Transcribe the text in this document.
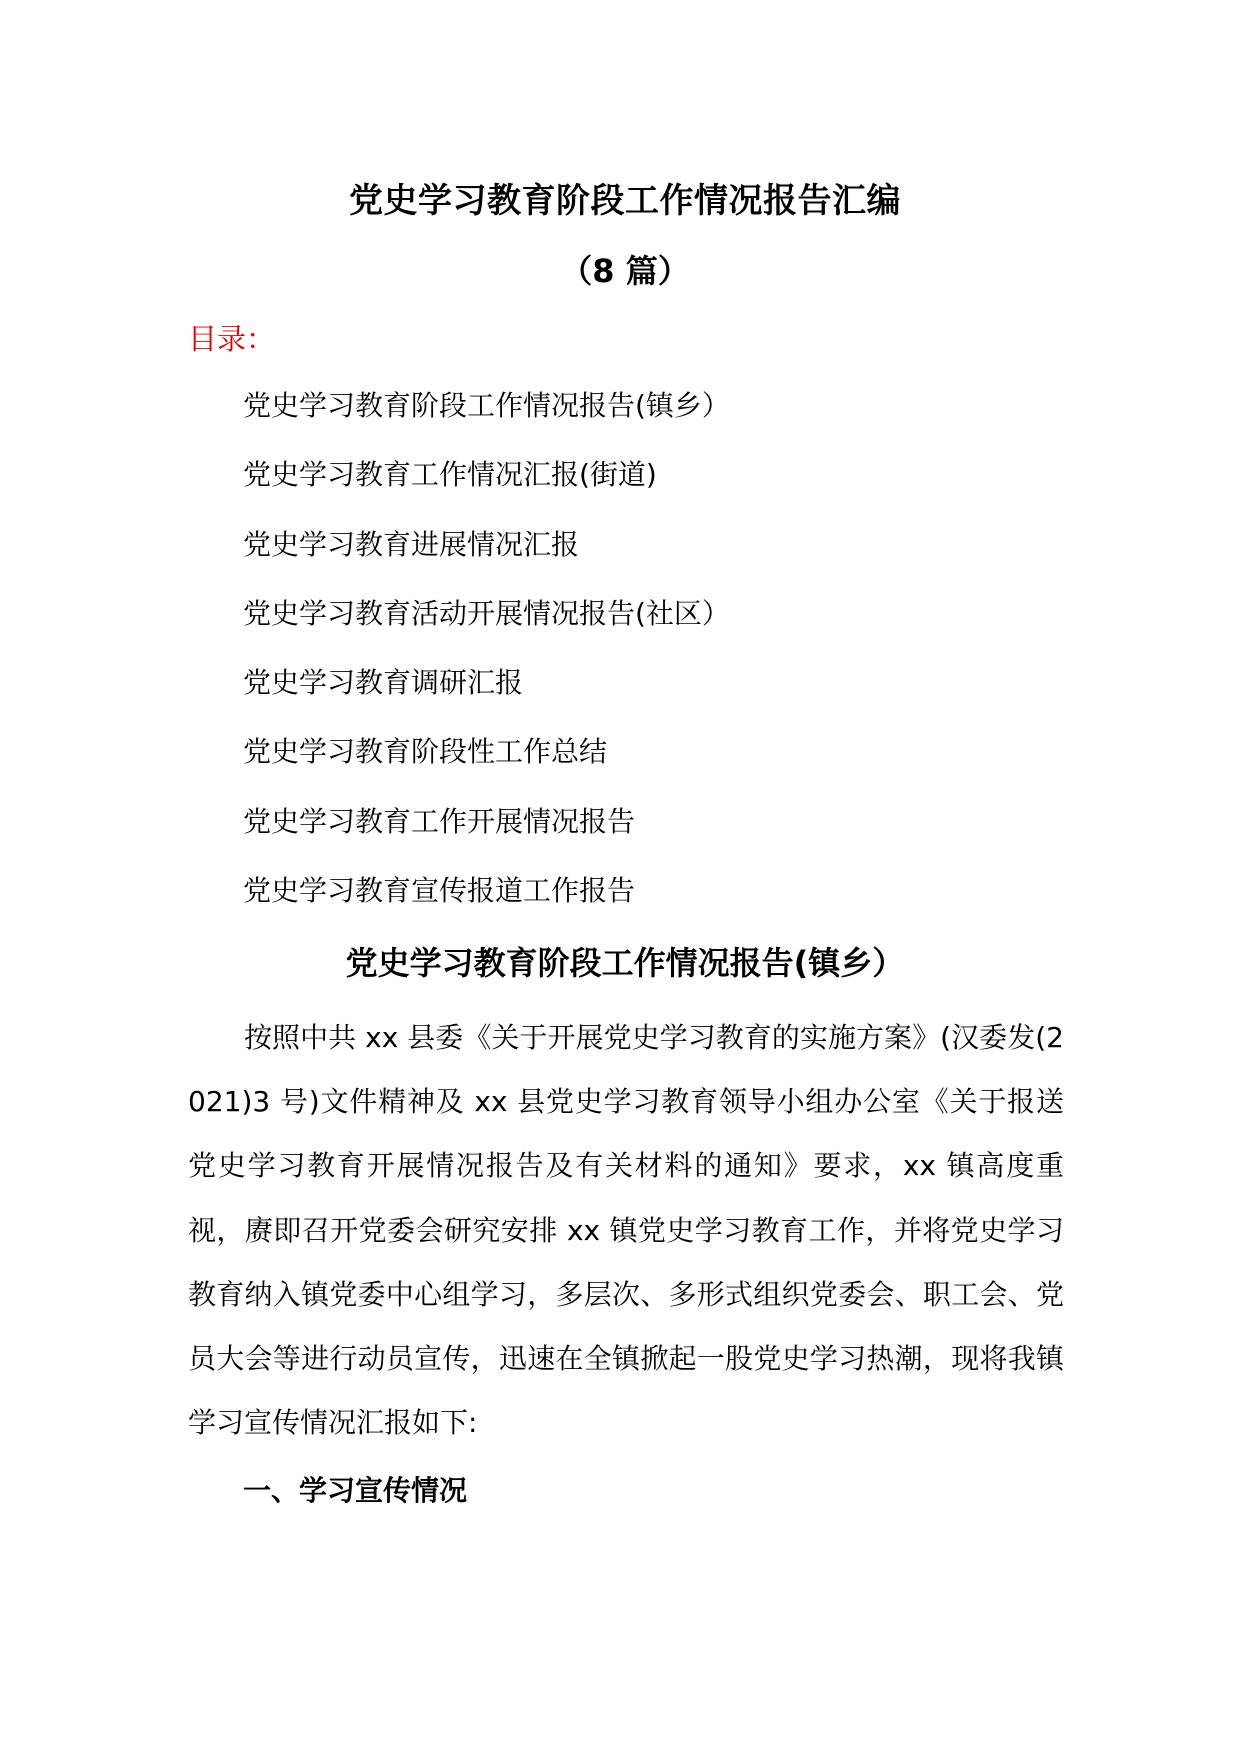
党史学习教育阶段工作情况报告汇编
（8 篇）
目录：
党史学习教育阶段工作情况报告(镇乡）
党史学习教育工作情况汇报(街道)
党史学习教育进展情况汇报
党史学习教育活动开展情况报告(社区）
党史学习教育调研汇报
党史学习教育阶段性工作总结
党史学习教育工作开展情况报告
党史学习教育宣传报道工作报告
党史学习教育阶段工作情况报告(镇乡）

按照中共 xx 县委《关于开展党史学习教育的实施方案》(汉委发(2021)3 号)文件精神及 xx 县党史学习教育领导小组办公室《关于报送党史学习教育开展情况报告及有关材料的通知》要求，xx 镇高度重视，赓即召开党委会研究安排 xx 镇党史学习教育工作，并将党史学习教育纳入镇党委中心组学习，多层次、多形式组织党委会、职工会、党员大会等进行动员宣传，迅速在全镇掀起一股党史学习热潮，现将我镇学习宣传情况汇报如下:

一、学习宣传情况
